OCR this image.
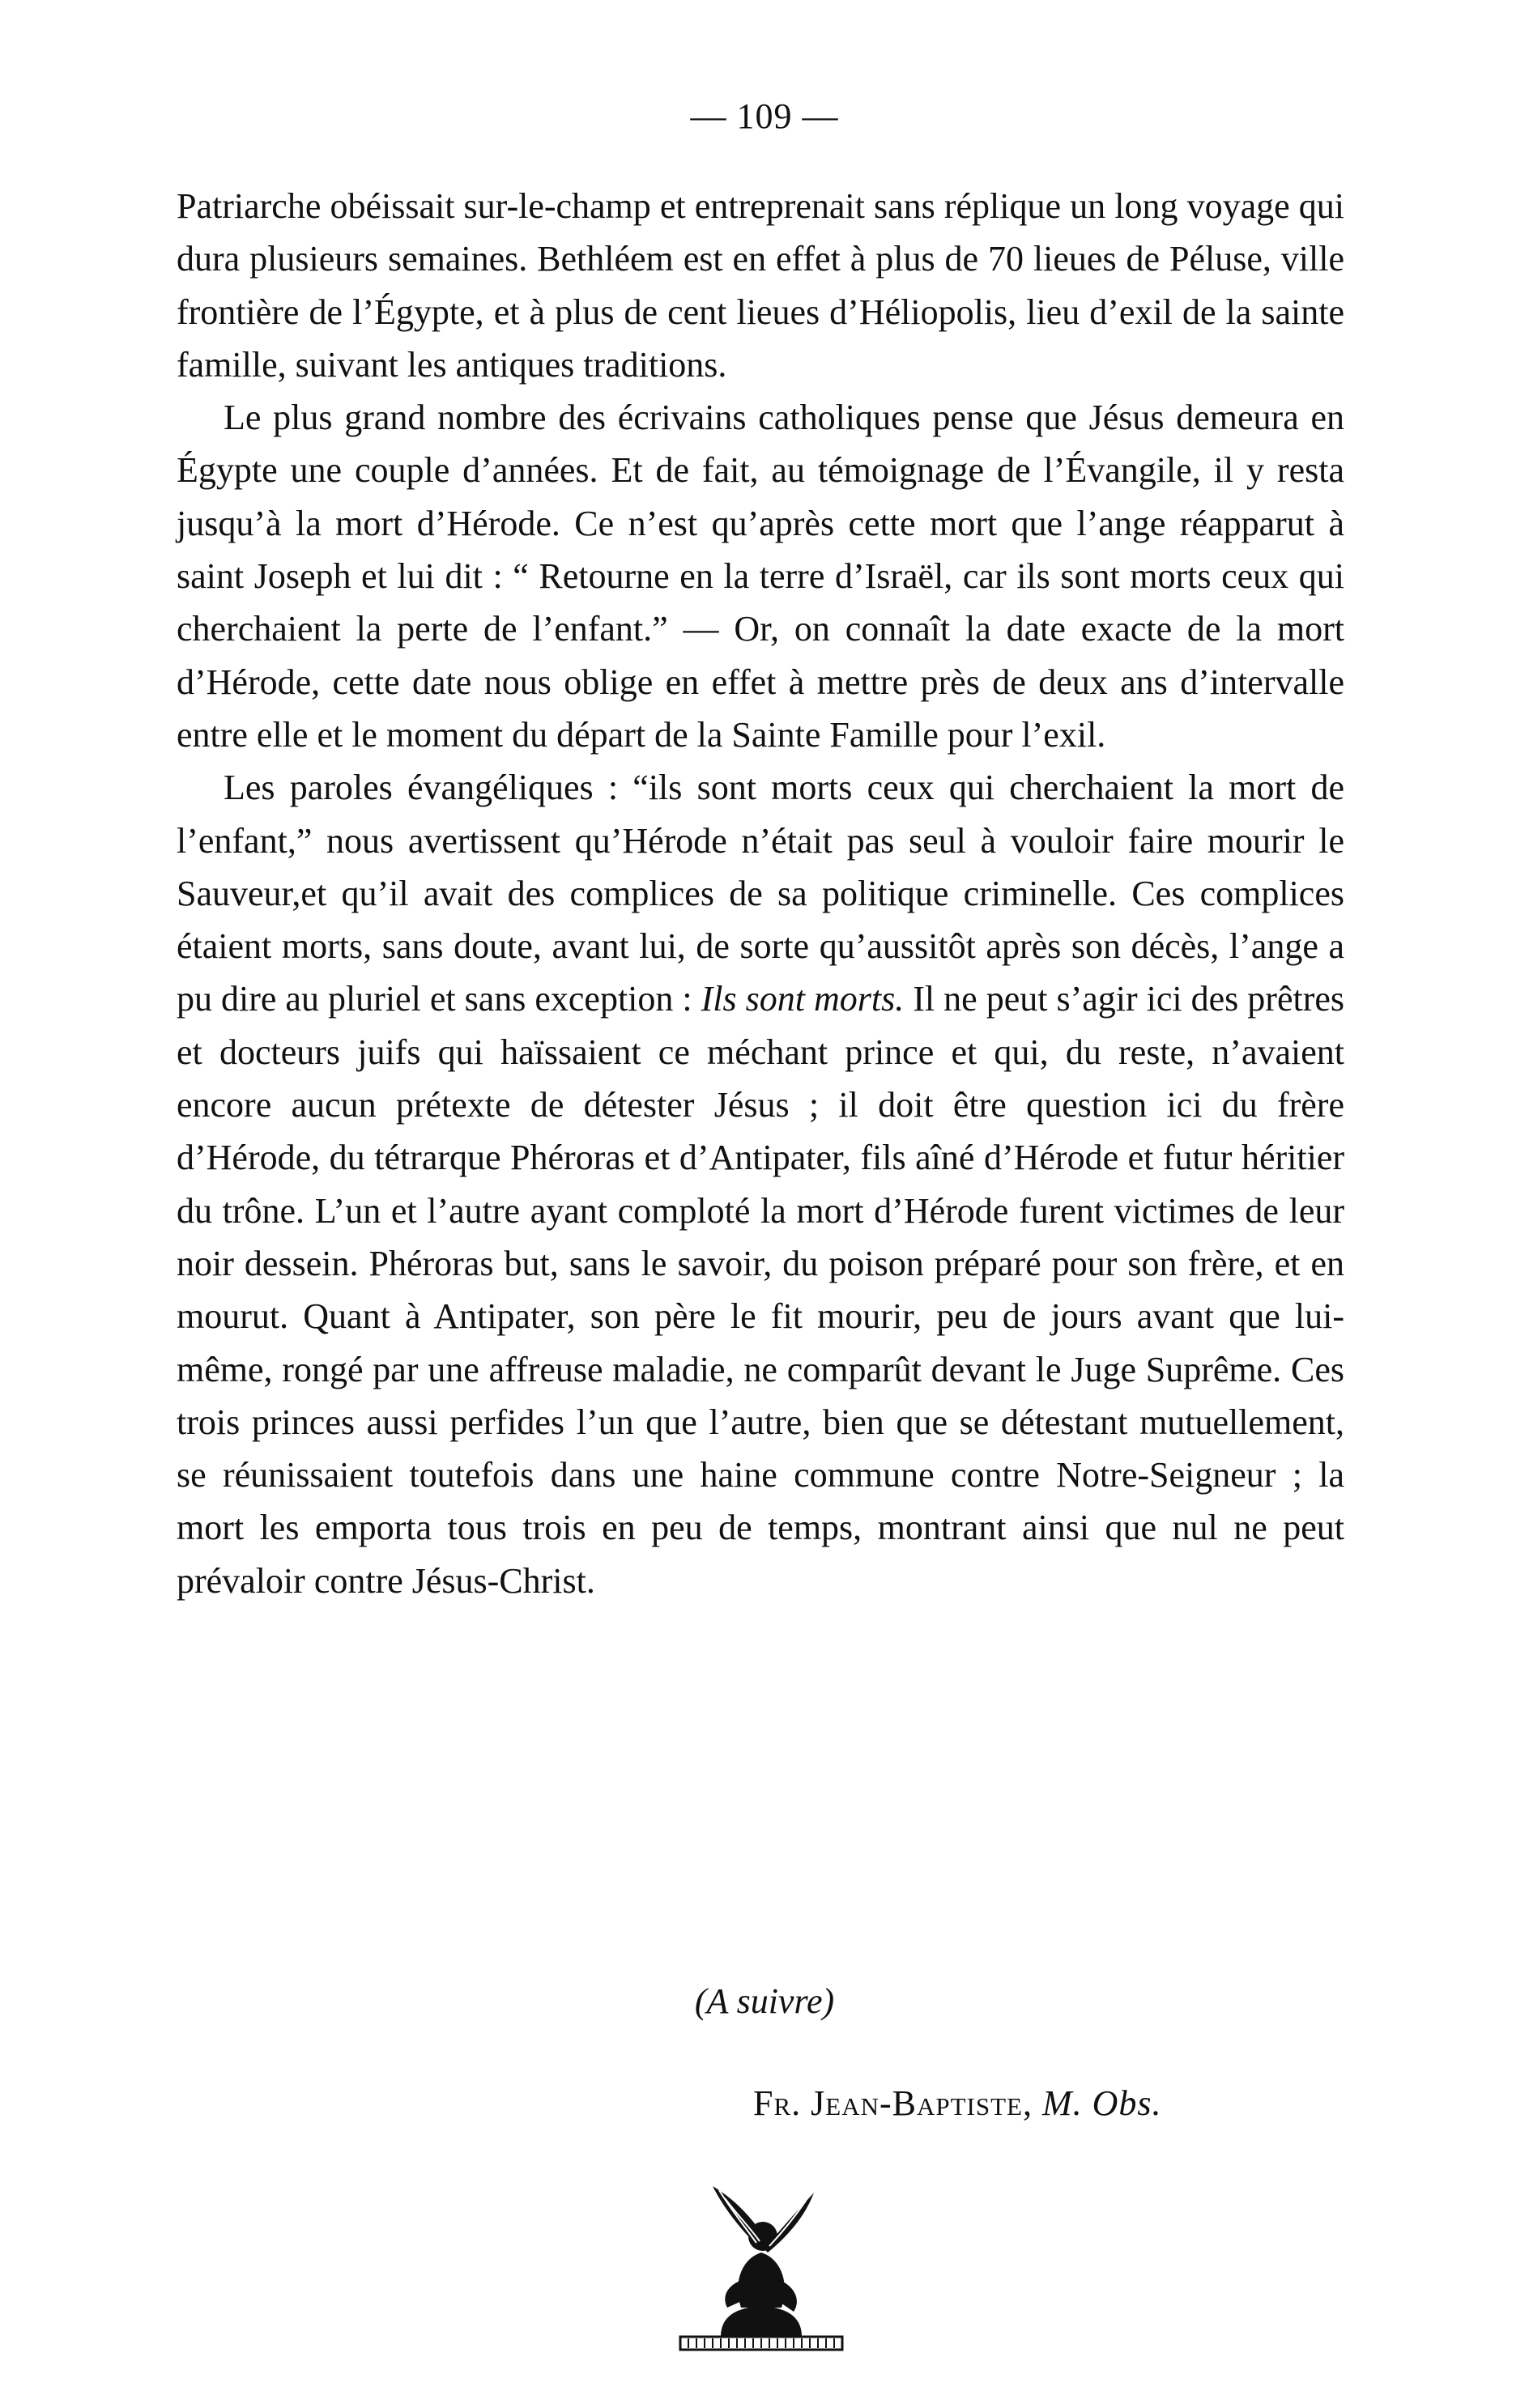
— 109 —

Patriarche obéissait sur-le-champ et entreprenait sans réplique un long voyage qui dura plusieurs semaines. Bethléem est en effet à plus de 70 lieues de Péluse, ville frontière de l’Égypte, et à plus de cent lieues d’Héliopolis, lieu d’exil de la sainte famille, suivant les antiques traditions.

Le plus grand nombre des écrivains catholiques pense que Jésus demeura en Égypte une couple d’années. Et de fait, au témoignage de l’Évangile, il y resta jusqu’à la mort d’Hérode. Ce n’est qu’après cette mort que l’ange réapparut à saint Joseph et lui dit : “ Retourne en la terre d’Israël, car ils sont morts ceux qui cherchaient la perte de l’enfant.” — Or, on connaît la date exacte de la mort d’Hérode, cette date nous oblige en effet à mettre près de deux ans d’intervalle entre elle et le moment du départ de la Sainte Famille pour l’exil.

Les paroles évangéliques : “ils sont morts ceux qui cherchaient la mort de l’enfant,” nous avertissent qu’Hérode n’était pas seul à vouloir faire mourir le Sauveur,et qu’il avait des complices de sa politique criminelle. Ces complices étaient morts, sans doute, avant lui, de sorte qu’aussitôt après son décès, l’ange a pu dire au pluriel et sans exception : Ils sont morts. Il ne peut s’agir ici des prêtres et docteurs juifs qui haïssaient ce méchant prince et qui, du reste, n’avaient encore aucun prétexte de détester Jésus ; il doit être question ici du frère d’Hérode, du tétrarque Phéroras et d’Antipater, fils aîné d’Hérode et futur héritier du trône. L’un et l’autre ayant comploté la mort d’Hérode furent victimes de leur noir dessein. Phéroras but, sans le savoir, du poison préparé pour son frère, et en mourut. Quant à Antipater, son père le fit mourir, peu de jours avant que lui-même, rongé par une affreuse maladie, ne comparût devant le Juge Suprême. Ces trois princes aussi perfides l’un que l’autre, bien que se détestant mutuellement, se réunissaient toutefois dans une haine commune contre Notre-Seigneur ; la mort les emporta tous trois en peu de temps, montrant ainsi que nul ne peut prévaloir contre Jésus-Christ.

(A suivre)
Fr. Jean-Baptiste, M. Obs.
